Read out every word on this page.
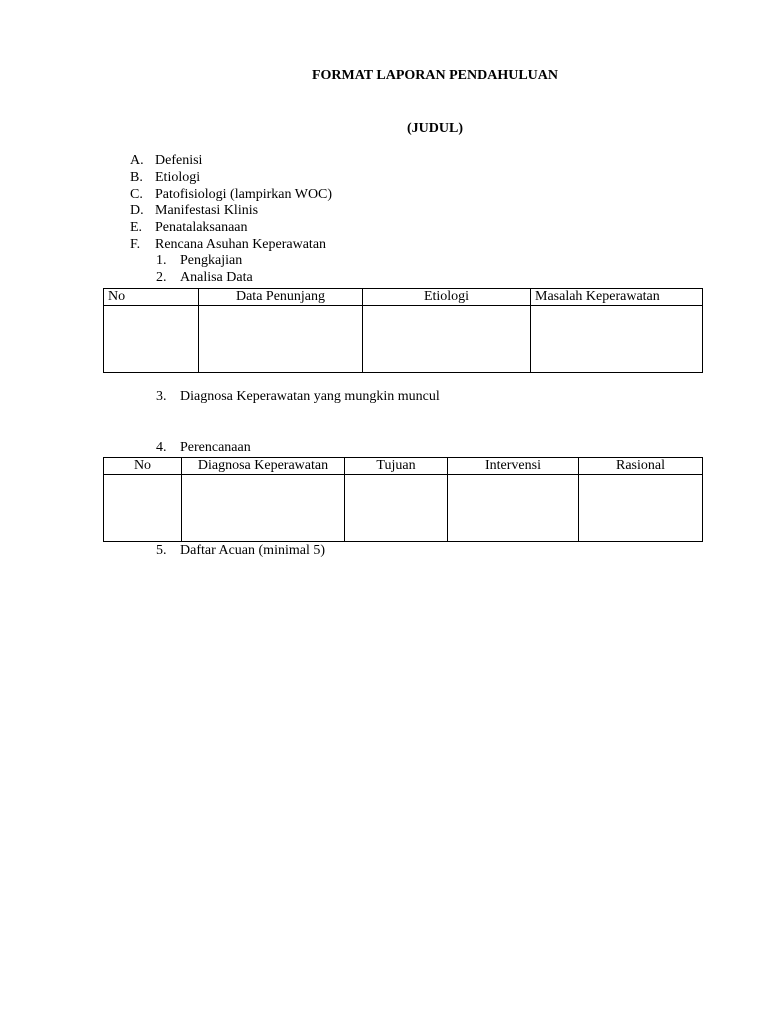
FORMAT LAPORAN PENDAHULUAN
(JUDUL)
A. Defenisi
B. Etiologi
C. Patofisiologi (lampirkan WOC)
D. Manifestasi Klinis
E. Penatalaksanaan
F. Rencana Asuhan Keperawatan
1. Pengkajian
2. Analisa Data
No	Data Penunjang	Etiologi	Masalah Keperawatan

3. Diagnosa Keperawatan yang mungkin muncul
4. Perencanaan
No	Diagnosa Keperawatan	Tujuan	Intervensi	Rasional

5. Daftar Acuan (minimal 5)
